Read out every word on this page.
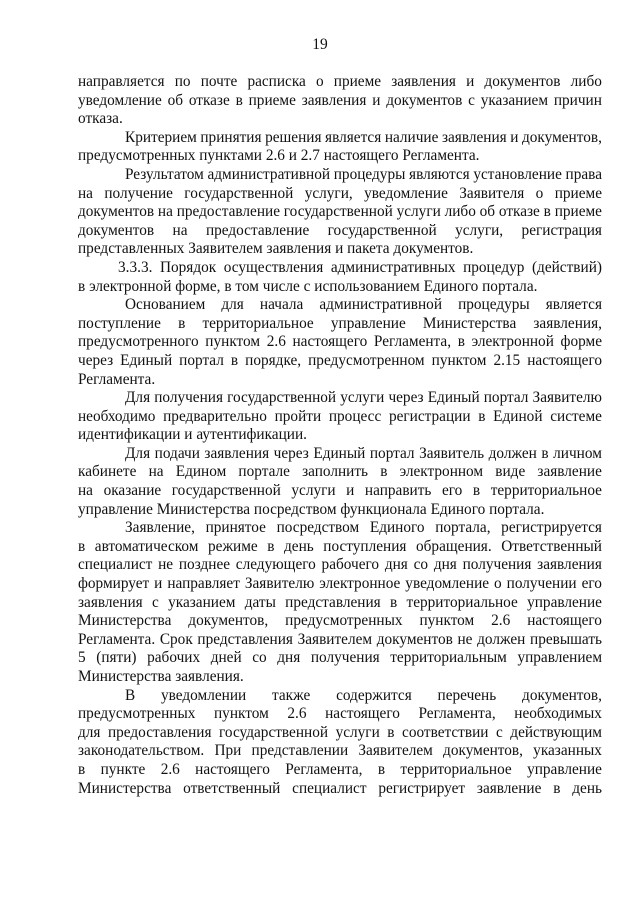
19
направляется по почте расписка о приеме заявления и документов либо
уведомление об отказе в приеме заявления и документов с указанием причин
отказа.
Критерием принятия решения является наличие заявления и документов,
предусмотренных пунктами 2.6 и 2.7 настоящего Регламента.
Результатом административной процедуры являются установление права
на получение государственной услуги, уведомление Заявителя о приеме
документов на предоставление государственной услуги либо об отказе в приеме
документов на предоставление государственной услуги, регистрация
представленных Заявителем заявления и пакета документов.
3.3.3. Порядок осуществления административных процедур (действий)
в электронной форме, в том числе с использованием Единого портала.
Основанием для начала административной процедуры является
поступление в территориальное управление Министерства заявления,
предусмотренного пунктом 2.6 настоящего Регламента, в электронной форме
через Единый портал в порядке, предусмотренном пунктом 2.15 настоящего
Регламента.
Для получения государственной услуги через Единый портал Заявителю
необходимо предварительно пройти процесс регистрации в Единой системе
идентификации и аутентификации.
Для подачи заявления через Единый портал Заявитель должен в личном
кабинете на Едином портале заполнить в электронном виде заявление
на оказание государственной услуги и направить его в территориальное
управление Министерства посредством функционала Единого портала.
Заявление, принятое посредством Единого портала, регистрируется
в автоматическом режиме в день поступления обращения. Ответственный
специалист не позднее следующего рабочего дня со дня получения заявления
формирует и направляет Заявителю электронное уведомление о получении его
заявления с указанием даты представления в территориальное управление
Министерства документов, предусмотренных пунктом 2.6 настоящего
Регламента. Срок представления Заявителем документов не должен превышать
5 (пяти) рабочих дней со дня получения территориальным управлением
Министерства заявления.
В уведомлении также содержится перечень документов,
предусмотренных пунктом 2.6 настоящего Регламента, необходимых
для предоставления государственной услуги в соответствии с действующим
законодательством. При представлении Заявителем документов, указанных
в пункте 2.6 настоящего Регламента, в территориальное управление
Министерства ответственный специалист регистрирует заявление в день
